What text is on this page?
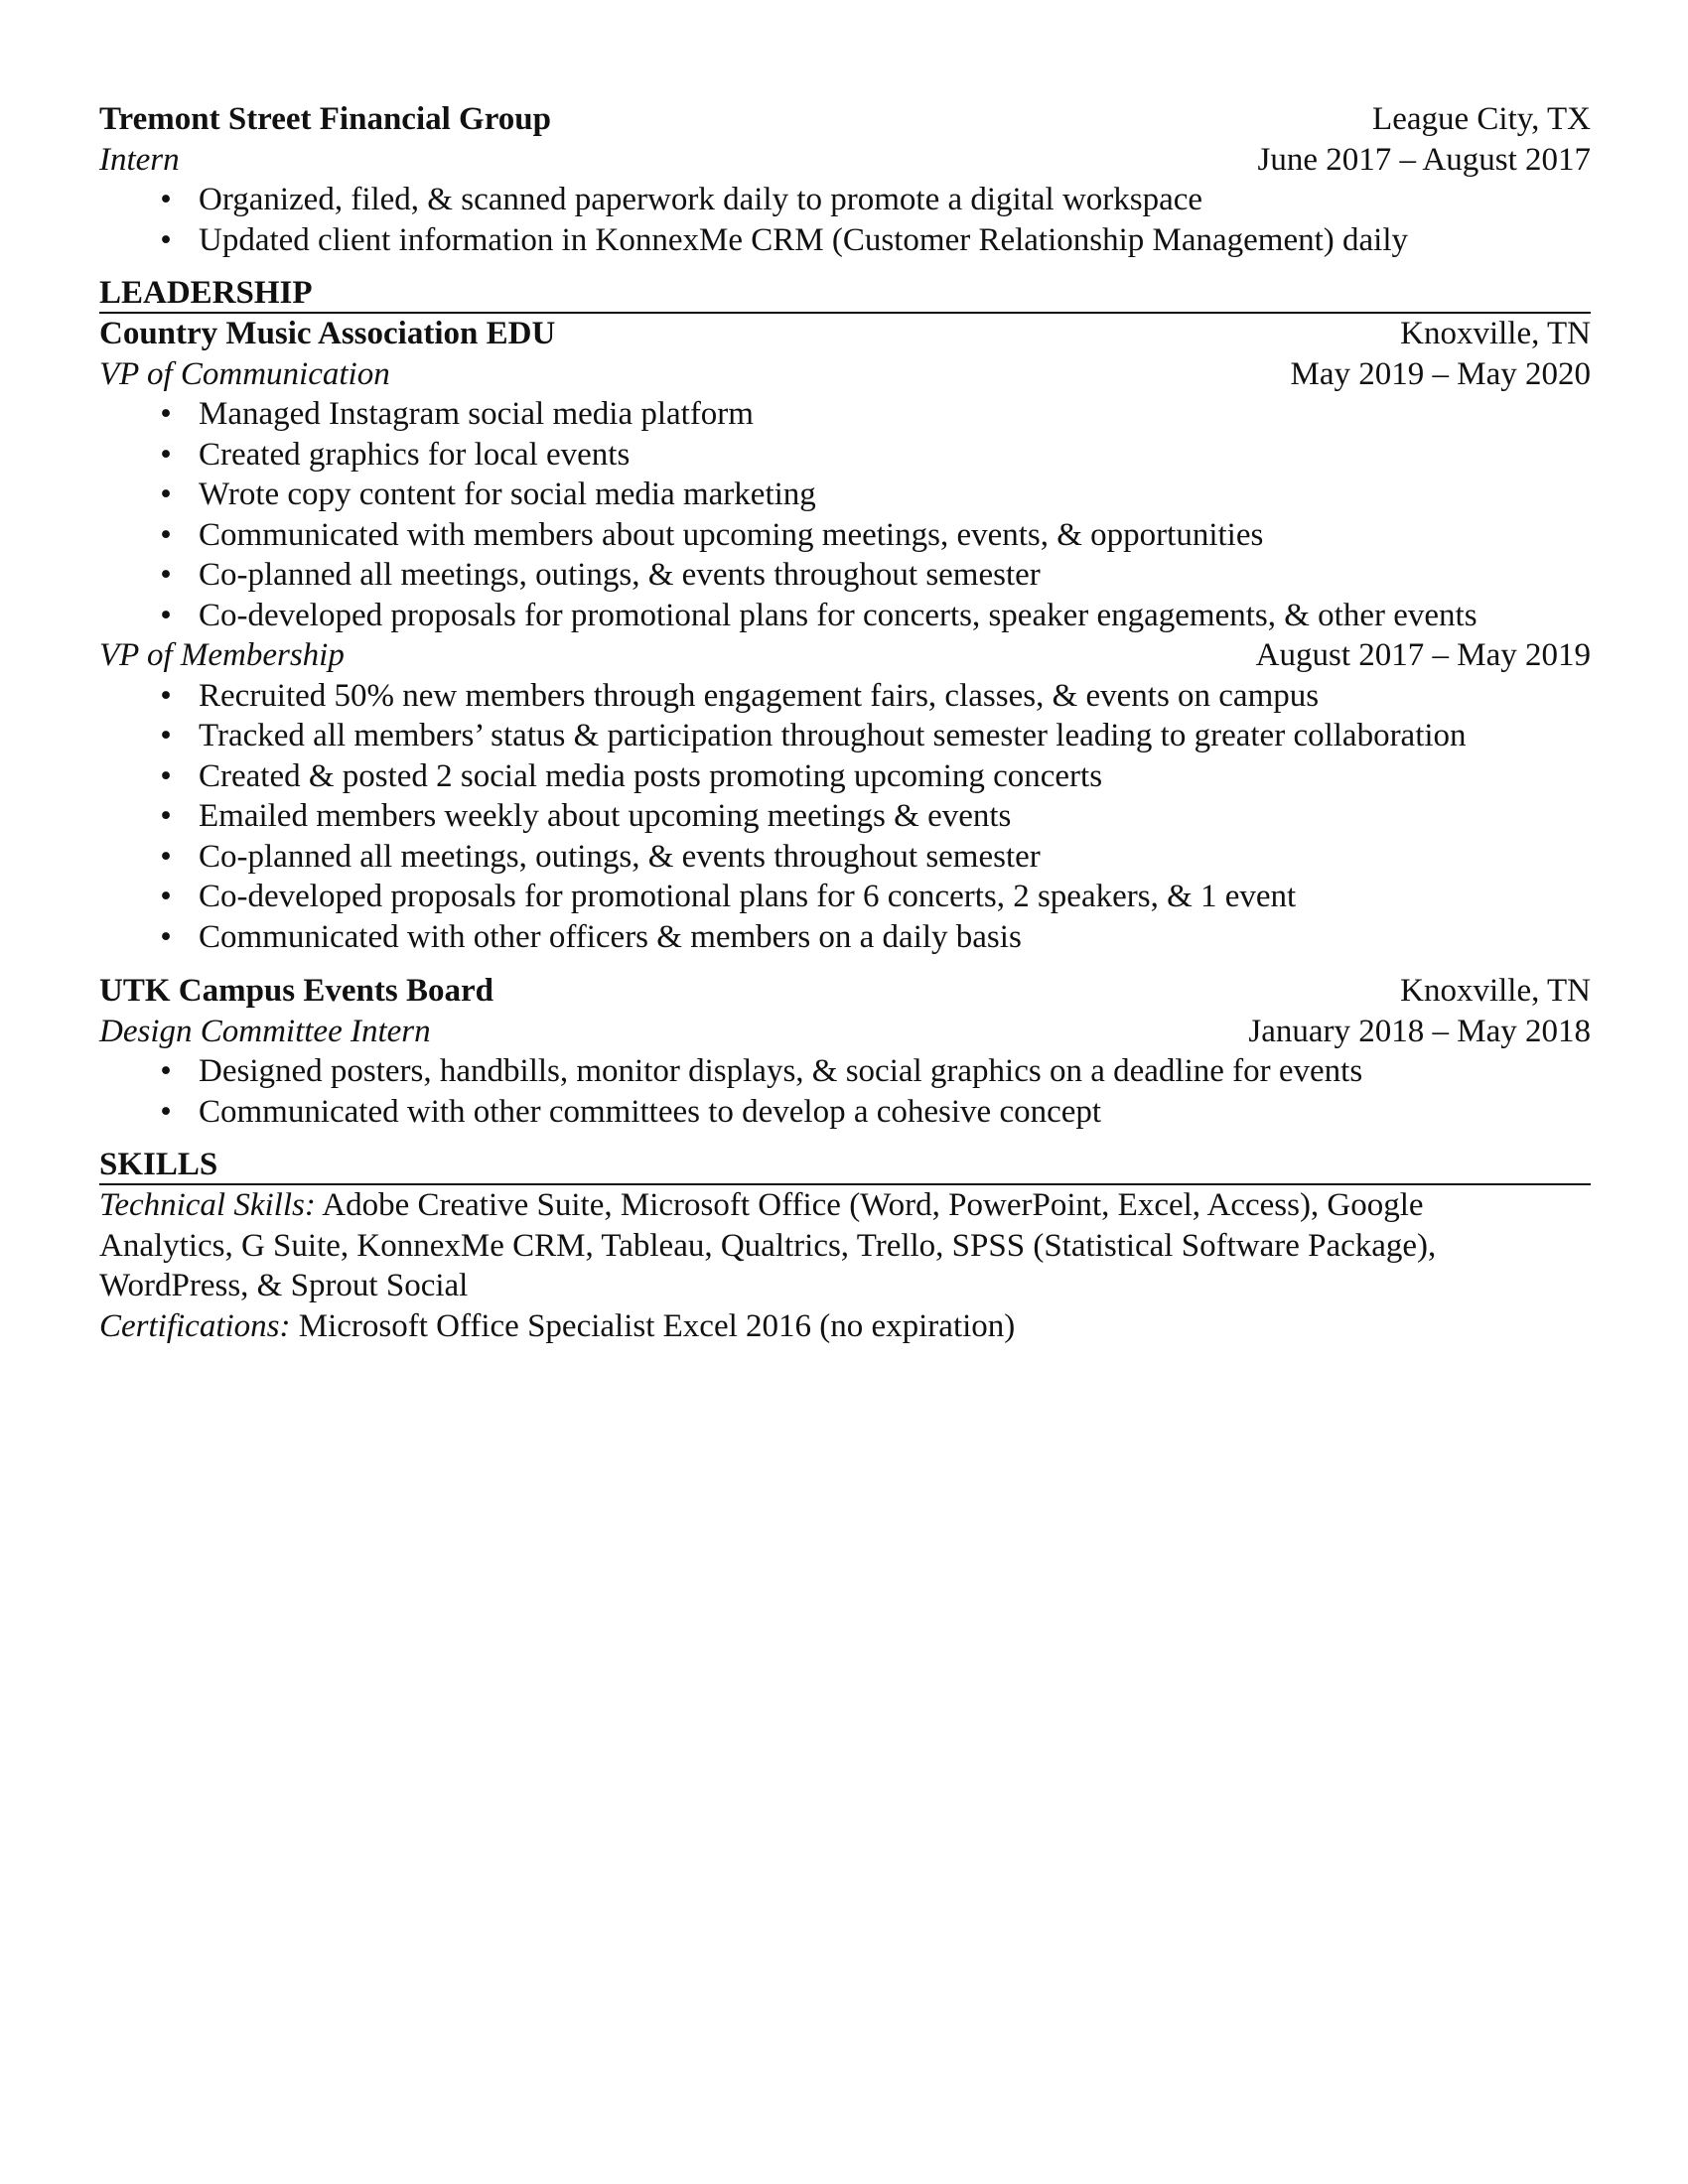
Tremont Street Financial Group	League City, TX
Intern	June 2017 – August 2017
• Organized, filed, & scanned paperwork daily to promote a digital workspace
• Updated client information in KonnexMe CRM (Customer Relationship Management) daily
LEADERSHIP
Country Music Association EDU	Knoxville, TN
VP of Communication	May 2019 – May 2020
• Managed Instagram social media platform
• Created graphics for local events
• Wrote copy content for social media marketing
• Communicated with members about upcoming meetings, events, & opportunities
• Co-planned all meetings, outings, & events throughout semester
• Co-developed proposals for promotional plans for concerts, speaker engagements, & other events
VP of Membership	August 2017 – May 2019
• Recruited 50% new members through engagement fairs, classes, & events on campus
• Tracked all members’ status & participation throughout semester leading to greater collaboration
• Created & posted 2 social media posts promoting upcoming concerts
• Emailed members weekly about upcoming meetings & events
• Co-planned all meetings, outings, & events throughout semester
• Co-developed proposals for promotional plans for 6 concerts, 2 speakers, & 1 event
• Communicated with other officers & members on a daily basis
UTK Campus Events Board	Knoxville, TN
Design Committee Intern	January 2018 – May 2018
• Designed posters, handbills, monitor displays, & social graphics on a deadline for events
• Communicated with other committees to develop a cohesive concept
SKILLS

Technical Skills: Adobe Creative Suite, Microsoft Office (Word, PowerPoint, Excel, Access), Google Analytics, G Suite, KonnexMe CRM, Tableau, Qualtrics, Trello, SPSS (Statistical Software Package), WordPress, & Sprout Social

Certifications: Microsoft Office Specialist Excel 2016 (no expiration)
